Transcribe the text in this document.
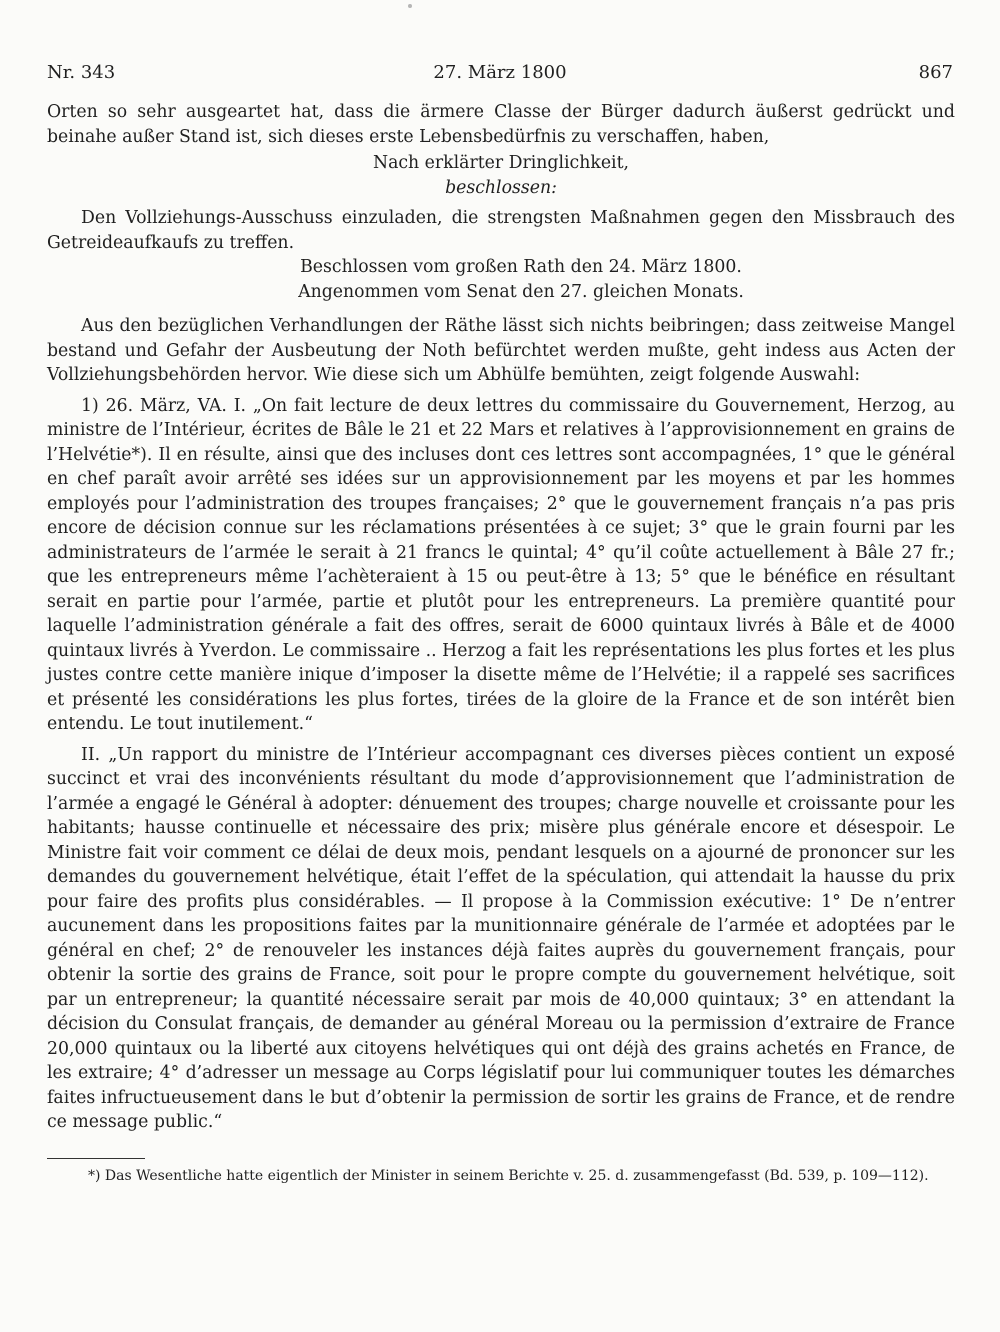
Nr. 343	27. März 1800	867

Orten so sehr ausgeartet hat, dass die ärmere Classe der Bürger dadurch äußerst gedrückt und beinahe außer Stand ist, sich dieses erste Lebensbedürfnis zu verschaffen, haben,

Nach erklärter Dringlichkeit,

beschlossen:

Den Vollziehungs-Ausschuss einzuladen, die strengsten Maßnahmen gegen den Missbrauch des Getreideaufkaufs zu treffen.

Beschlossen vom großen Rath den 24. März 1800.

Angenommen vom Senat den 27. gleichen Monats.

Aus den bezüglichen Verhandlungen der Räthe lässt sich nichts beibringen; dass zeitweise Mangel bestand und Gefahr der Ausbeutung der Noth befürchtet werden mußte, geht indess aus Acten der Vollziehungsbehörden hervor. Wie diese sich um Abhülfe bemühten, zeigt folgende Auswahl:

1) 26. März, VA. I. „On fait lecture de deux lettres du commissaire du Gouvernement, Herzog, au ministre de l’Intérieur, écrites de Bâle le 21 et 22 Mars et relatives à l’approvisionnement en grains de l’Helvétie*). Il en résulte, ainsi que des incluses dont ces lettres sont accompagnées, 1° que le général en chef paraît avoir arrêté ses idées sur un approvisionnement par les moyens et par les hommes employés pour l’administration des troupes françaises; 2° que le gouvernement français n’a pas pris encore de décision connue sur les réclamations présentées à ce sujet; 3° que le grain fourni par les administrateurs de l’armée le serait à 21 francs le quintal; 4° qu’il coûte actuellement à Bâle 27 fr.; que les entrepreneurs même l’achèteraient à 15 ou peut-être à 13; 5° que le bénéfice en résultant serait en partie pour l’armée, partie et plutôt pour les entrepreneurs. La première quantité pour laquelle l’administration générale a fait des offres, serait de 6000 quintaux livrés à Bâle et de 4000 quintaux livrés à Yverdon. Le commissaire .. Herzog a fait les représentations les plus fortes et les plus justes contre cette manière inique d’imposer la disette même de l’Helvétie; il a rappelé ses sacrifices et présenté les considérations les plus fortes, tirées de la gloire de la France et de son intérêt bien entendu. Le tout inutilement.“

II. „Un rapport du ministre de l’Intérieur accompagnant ces diverses pièces contient un exposé succinct et vrai des inconvénients résultant du mode d’approvisionnement que l’administration de l’armée a engagé le Général à adopter: dénuement des troupes; charge nouvelle et croissante pour les habitants; hausse continuelle et nécessaire des prix; misère plus générale encore et désespoir. Le Ministre fait voir comment ce délai de deux mois, pendant lesquels on a ajourné de prononcer sur les demandes du gouvernement helvétique, était l’effet de la spéculation, qui attendait la hausse du prix pour faire des profits plus considérables. — Il propose à la Commission exécutive: 1° De n’entrer aucunement dans les propositions faites par la munitionnaire générale de l’armée et adoptées par le général en chef; 2° de renouveler les instances déjà faites auprès du gouvernement français, pour obtenir la sortie des grains de France, soit pour le propre compte du gouvernement helvétique, soit par un entrepreneur; la quantité nécessaire serait par mois de 40,000 quintaux; 3° en attendant la décision du Consulat français, de demander au général Moreau ou la permission d’extraire de France 20,000 quintaux ou la liberté aux citoyens helvétiques qui ont déjà des grains achetés en France, de les extraire; 4° d’adresser un message au Corps législatif pour lui communiquer toutes les démarches faites infructueusement dans le but d’obtenir la permission de sortir les grains de France, et de rendre ce message public.“

*) Das Wesentliche hatte eigentlich der Minister in seinem Berichte v. 25. d. zusammengefasst (Bd. 539, p. 109—112).
